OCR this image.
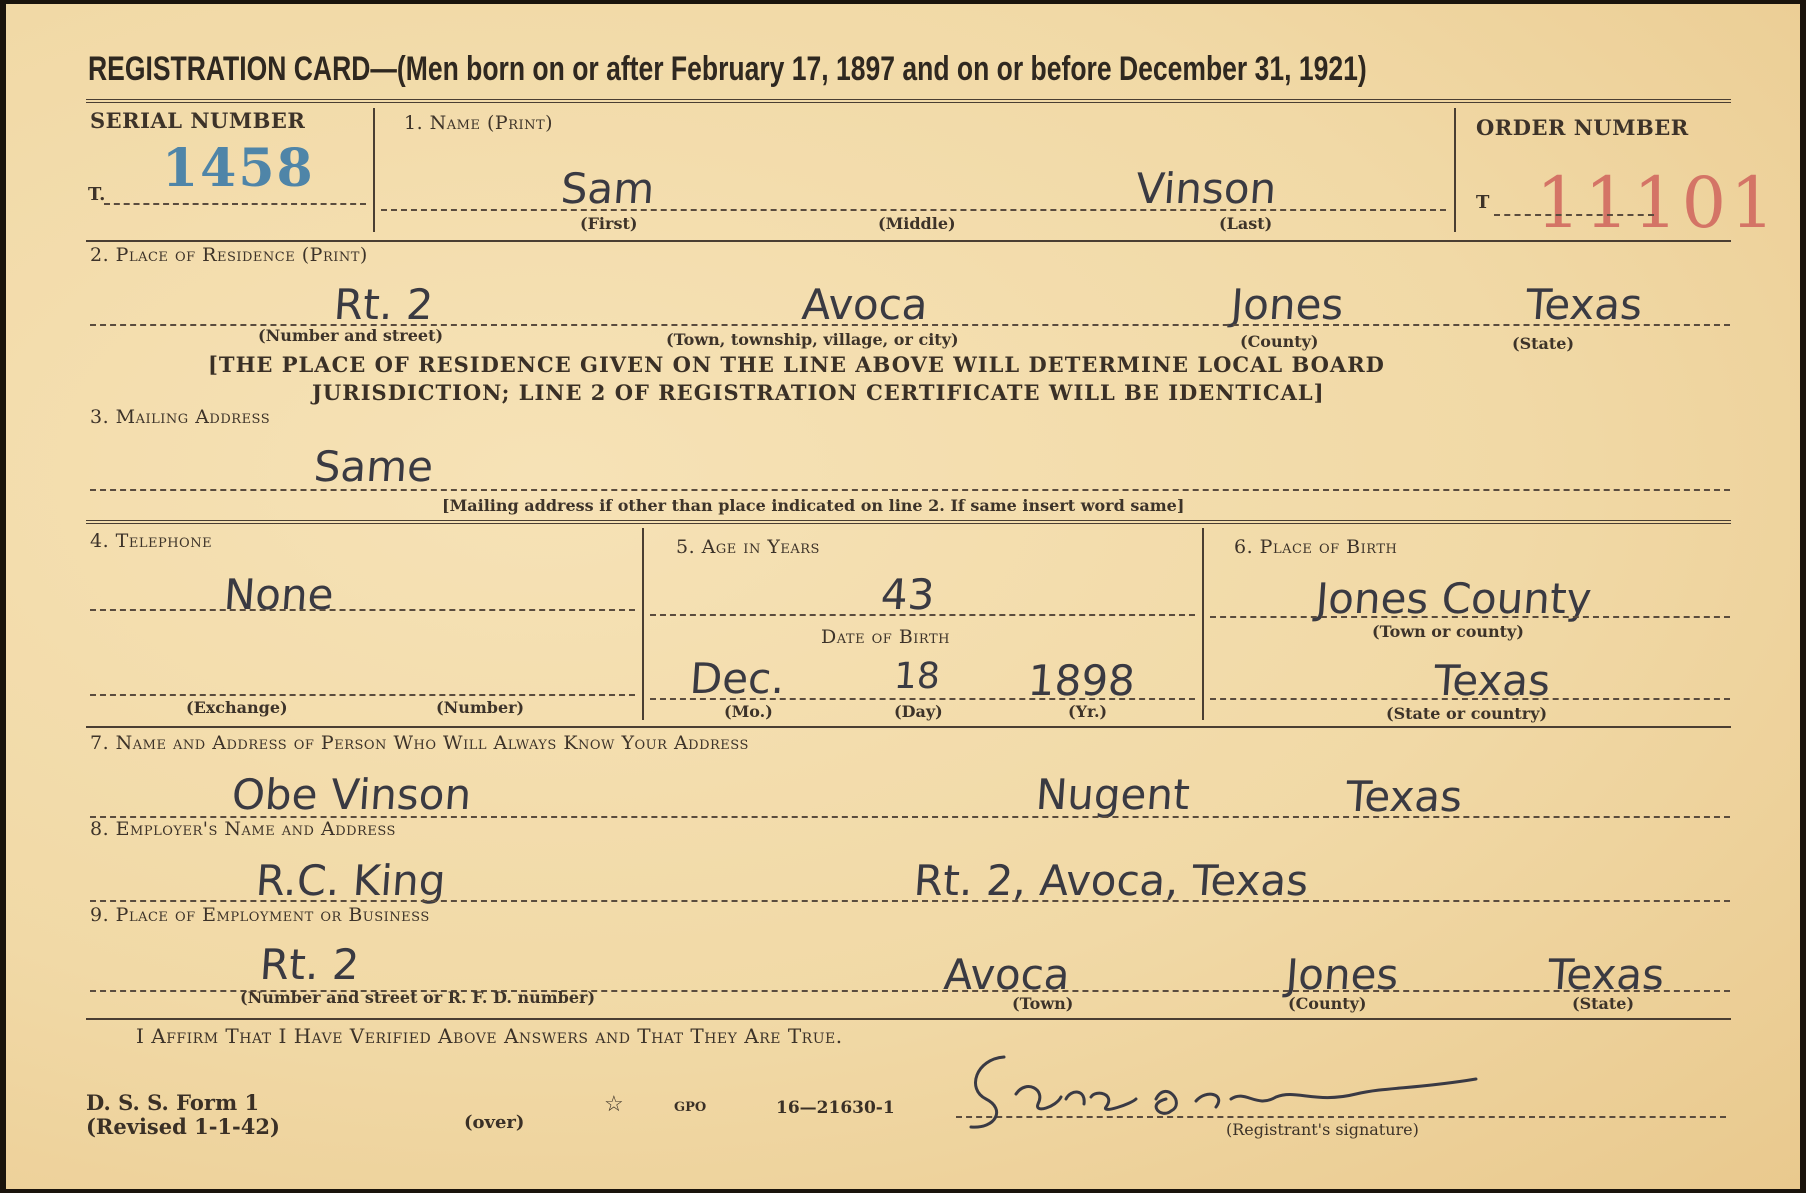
REGISTRATION CARD—(Men born on or after February 17, 1897 and on or before December 31, 1921)
SERIAL NUMBER
T. 1458
1. Name (Print)
Sam	Vinson
(First)	(Middle)	(Last)
ORDER NUMBER
T 11101
2. Place of Residence (Print)
Rt. 2	Avoca	Jones	Texas
(Number and street)	(Town, township, village, or city)	(County)	(State)
[THE PLACE OF RESIDENCE GIVEN ON THE LINE ABOVE WILL DETERMINE LOCAL BOARD
JURISDICTION; LINE 2 OF REGISTRATION CERTIFICATE WILL BE IDENTICAL]
3. Mailing Address
Same
[Mailing address if other than place indicated on line 2. If same insert word same]
4. Telephone
None
(Exchange)	(Number)
5. Age in Years
43
Date of Birth
Dec.	18 1898
(Mo.)	(Day)	(Yr.)
6. Place of Birth
Jones County
(Town or county)
Texas
(State or country)
7. Name and Address of Person Who Will Always Know Your Address
Obe Vinson	Nugent	Texas
8. Employer's Name and Address
R.C. King	Rt. 2, Avoca, Texas
9. Place of Employment or Business
Rt. 2	Avoca	Jones	Texas
(Number and street or R. F. D. number)	(Town)	(County)	(State)
I Affirm That I Have Verified Above Answers and That They Are True.
D. S. S. Form 1
(Revised 1-1-42)	(over)
☆	GPO	16—21630-1
(Registrant's signature)
